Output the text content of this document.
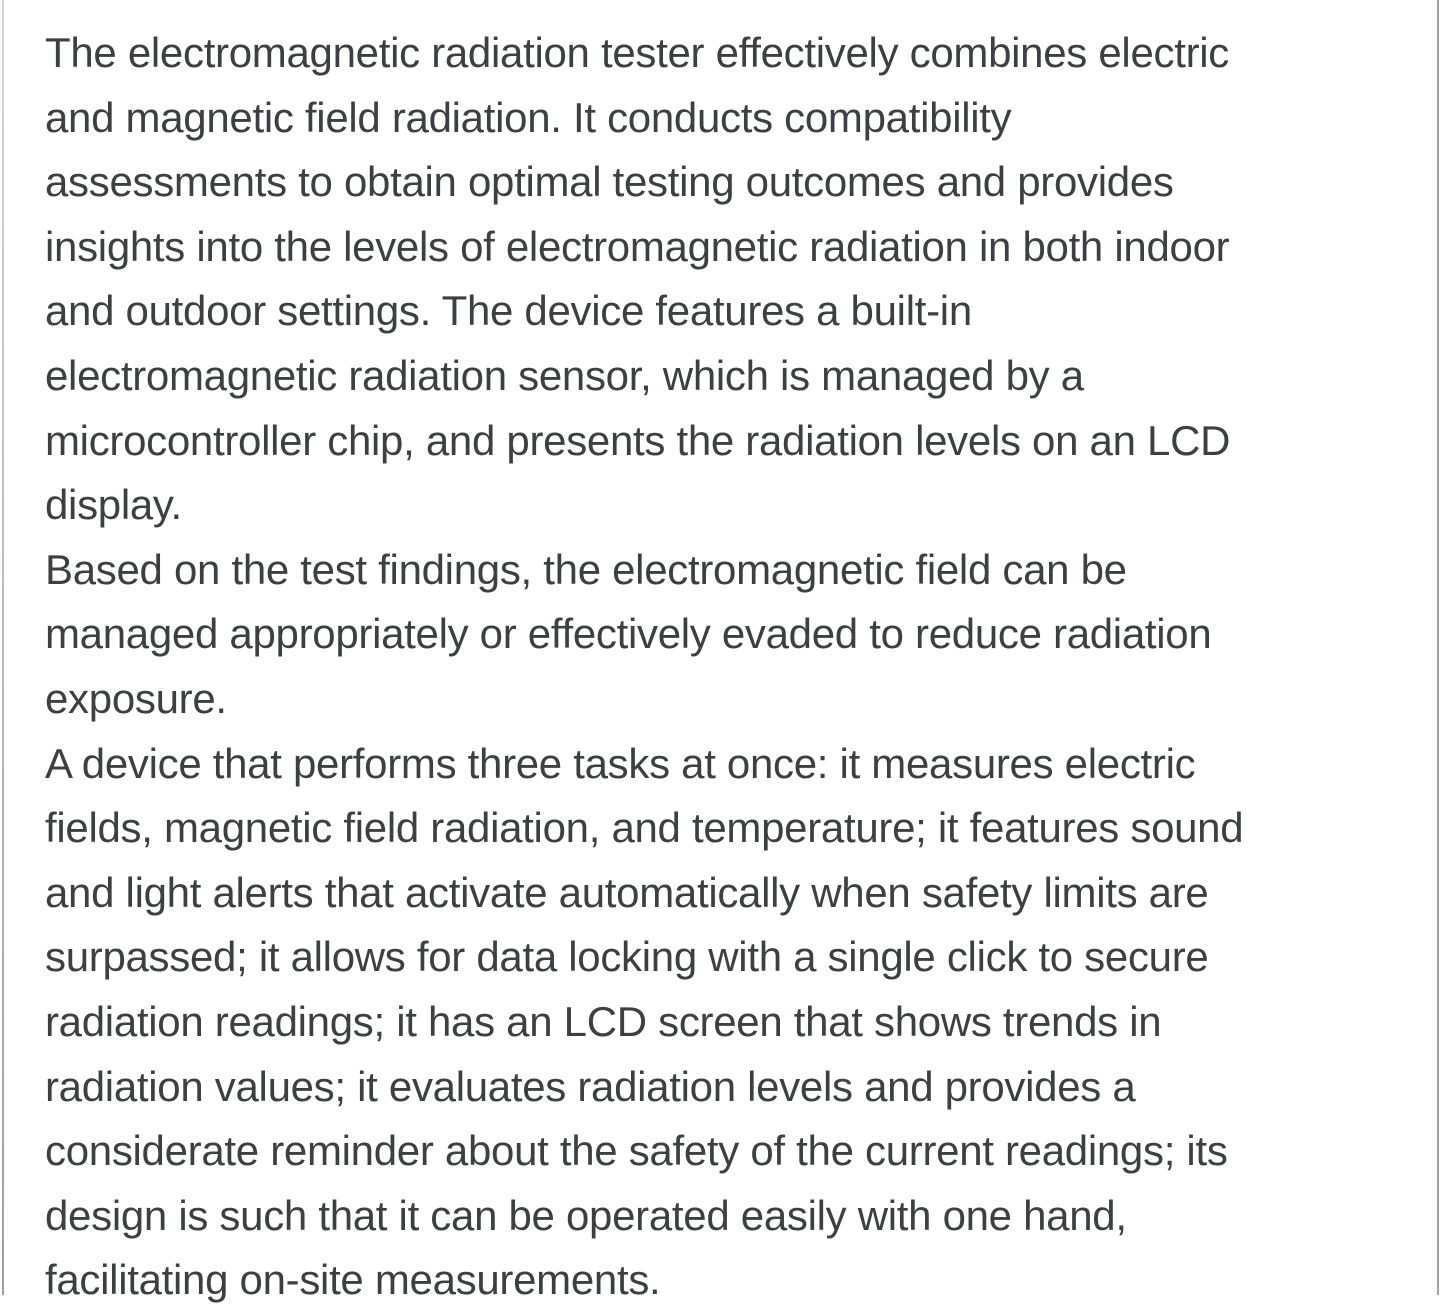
The electromagnetic radiation tester effectively combines electric
and magnetic field radiation. It conducts compatibility
assessments to obtain optimal testing outcomes and provides
insights into the levels of electromagnetic radiation in both indoor
and outdoor settings. The device features a built-in
electromagnetic radiation sensor, which is managed by a
microcontroller chip, and presents the radiation levels on an LCD
display.
Based on the test findings, the electromagnetic field can be
managed appropriately or effectively evaded to reduce radiation
exposure.
A device that performs three tasks at once: it measures electric
fields, magnetic field radiation, and temperature; it features sound
and light alerts that activate automatically when safety limits are
surpassed; it allows for data locking with a single click to secure
radiation readings; it has an LCD screen that shows trends in
radiation values; it evaluates radiation levels and provides a
considerate reminder about the safety of the current readings; its
design is such that it can be operated easily with one hand,
facilitating on-site measurements.
